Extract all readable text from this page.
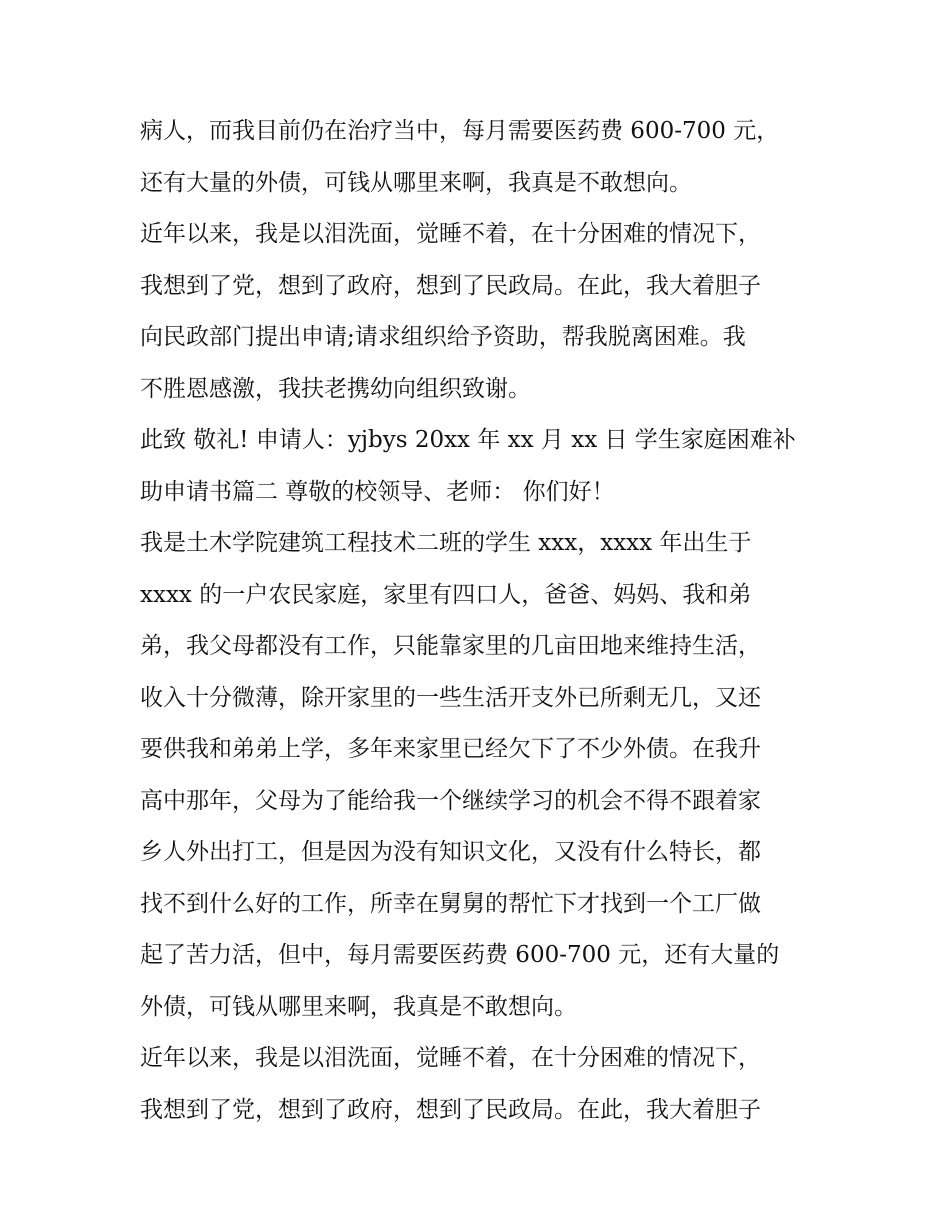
病人，而我目前仍在治疗当中，每月需要医药费 600-700 元，
还有大量的外债，可钱从哪里来啊，我真是不敢想向。
近年以来，我是以泪洗面，觉睡不着，在十分困难的情况下，
我想到了党，想到了政府，想到了民政局。在此，我大着胆子
向民政部门提出申请;请求组织给予资助，帮我脱离困难。我
不胜恩感激，我扶老携幼向组织致谢。
此致 敬礼! 申请人：yjbys 20xx 年 xx 月 xx 日 学生家庭困难补
助申请书篇二 尊敬的校领导、老师： 你们好！
我是土木学院建筑工程技术二班的学生 xxx，xxxx 年出生于
xxxx 的一户农民家庭，家里有四口人，爸爸、妈妈、我和弟
弟，我父母都没有工作，只能靠家里的几亩田地来维持生活，
收入十分微薄，除开家里的一些生活开支外已所剩无几，又还
要供我和弟弟上学，多年来家里已经欠下了不少外债。在我升
高中那年，父母为了能给我一个继续学习的机会不得不跟着家
乡人外出打工，但是因为没有知识文化，又没有什么特长，都
找不到什么好的工作，所幸在舅舅的帮忙下才找到一个工厂做
起了苦力活，但中，每月需要医药费 600-700 元，还有大量的
外债，可钱从哪里来啊，我真是不敢想向。
近年以来，我是以泪洗面，觉睡不着，在十分困难的情况下，
我想到了党，想到了政府，想到了民政局。在此，我大着胆子
